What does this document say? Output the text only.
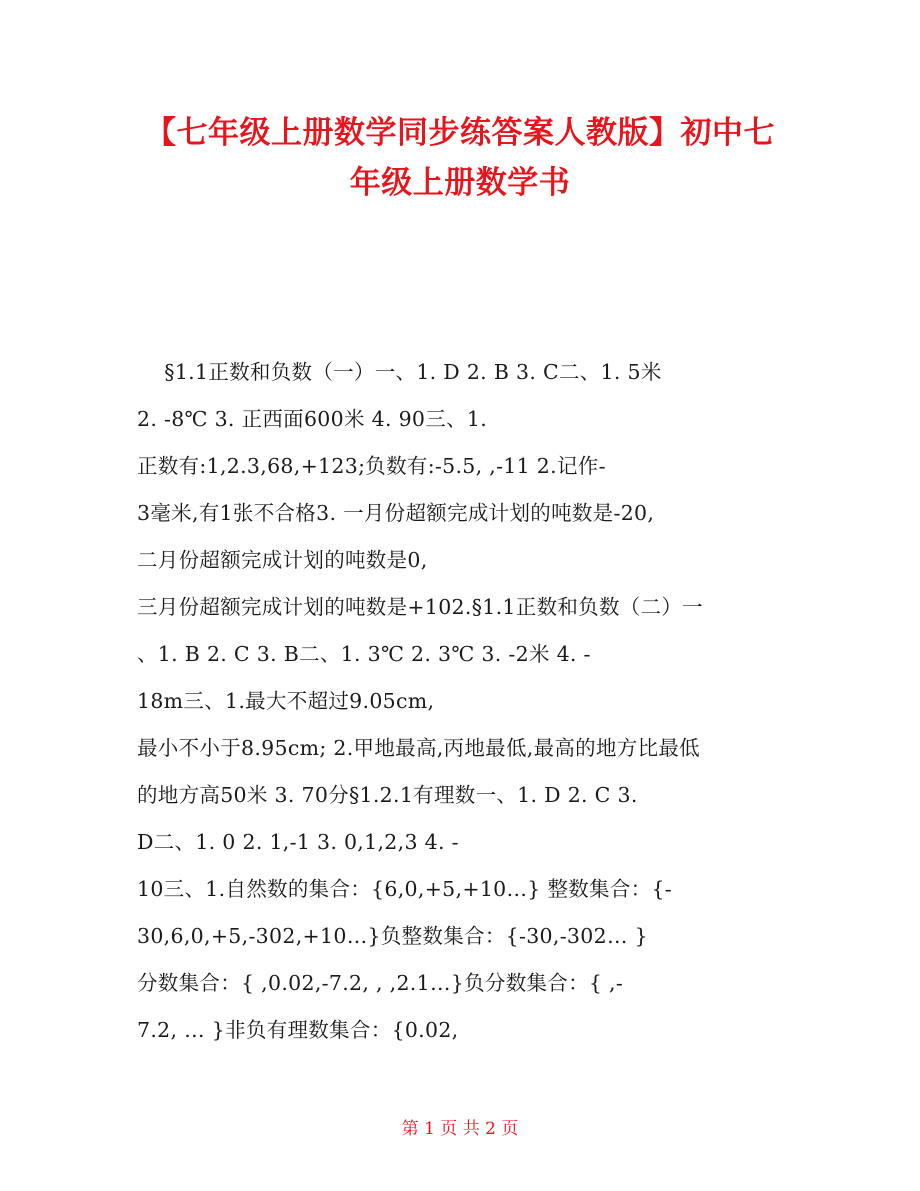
【七年级上册数学同步练答案人教版】初中七
年级上册数学书
§1.1正数和负数（一）一、1. D 2. B 3. C二、1. 5米
2. -8℃ 3. 正西面600米 4. 90三、1.
正数有:1,2.3,68,+123;负数有:-5.5, ,-11 2.记作-
3毫米,有1张不合格3. 一月份超额完成计划的吨数是-20,
二月份超额完成计划的吨数是0,
三月份超额完成计划的吨数是+102.§1.1正数和负数（二）一
、1. B 2. C 3. B二、1. 3℃ 2. 3℃ 3. -2米 4. -
18m三、1.最大不超过9.05cm,
最小不小于8.95cm; 2.甲地最高,丙地最低,最高的地方比最低
的地方高50米 3. 70分§1.2.1有理数一、1. D 2. C 3.
D二、1. 0 2. 1,-1 3. 0,1,2,3 4. -
10三、1.自然数的集合：{6,0,+5,+10…} 整数集合：{-
30,6,0,+5,-302,+10…}负整数集合：{-30,-302… }
分数集合：{ ,0.02,-7.2, , ,2.1…}负分数集合：{ ,-
7.2, … }非负有理数集合：{0.02,
第 1 页 共 2 页
